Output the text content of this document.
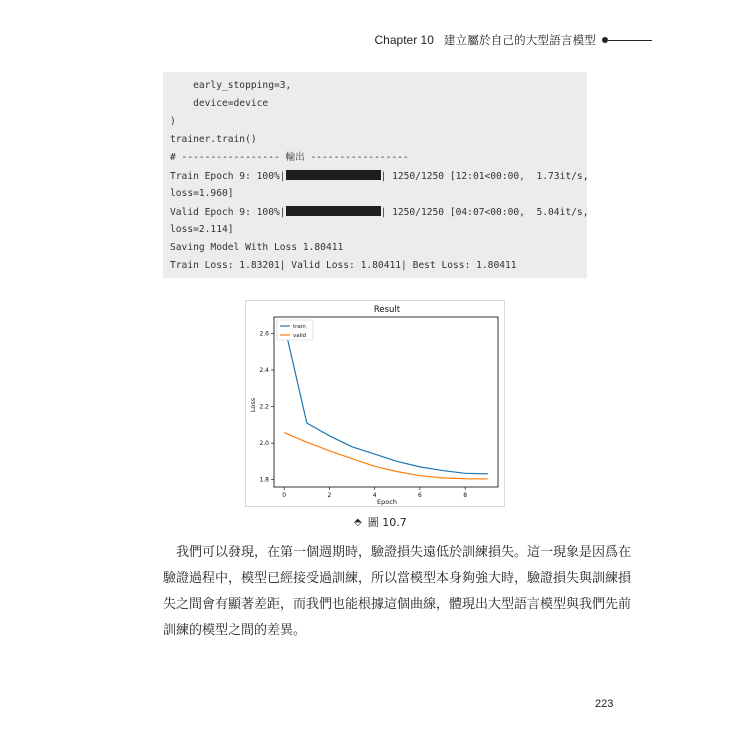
Chapter 10 建立屬於自己的大型語言模型
early_stopping=3,
device=device
)
trainer.train()
# ----------------- 輸出 -----------------
Train Epoch 9: 100%|	| 1250/1250 [12:01<00:00,  1.73it/s,
loss=1.960]
Valid Epoch 9: 100%|	| 1250/1250 [04:07<00:00,  5.04it/s,
loss=2.114]
Saving Model With Loss 1.80411
Train Loss: 1.83201| Valid Loss: 1.80411| Best Loss: 1.80411
Result
0	2	4	6	8
1.8
2.0
2.2
2.4
2.6
train
valid
Epoch
Loss
⬘ 圖 10.7
我們可以發現，在第一個週期時，驗證損失遠低於訓練損失。這一現象是因爲在
驗證過程中，模型已經接受過訓練，所以當模型本身夠強大時，驗證損失與訓練損
失之間會有顯著差距，而我們也能根據這個曲線，體現出大型語言模型與我們先前
訓練的模型之間的差異。
223
